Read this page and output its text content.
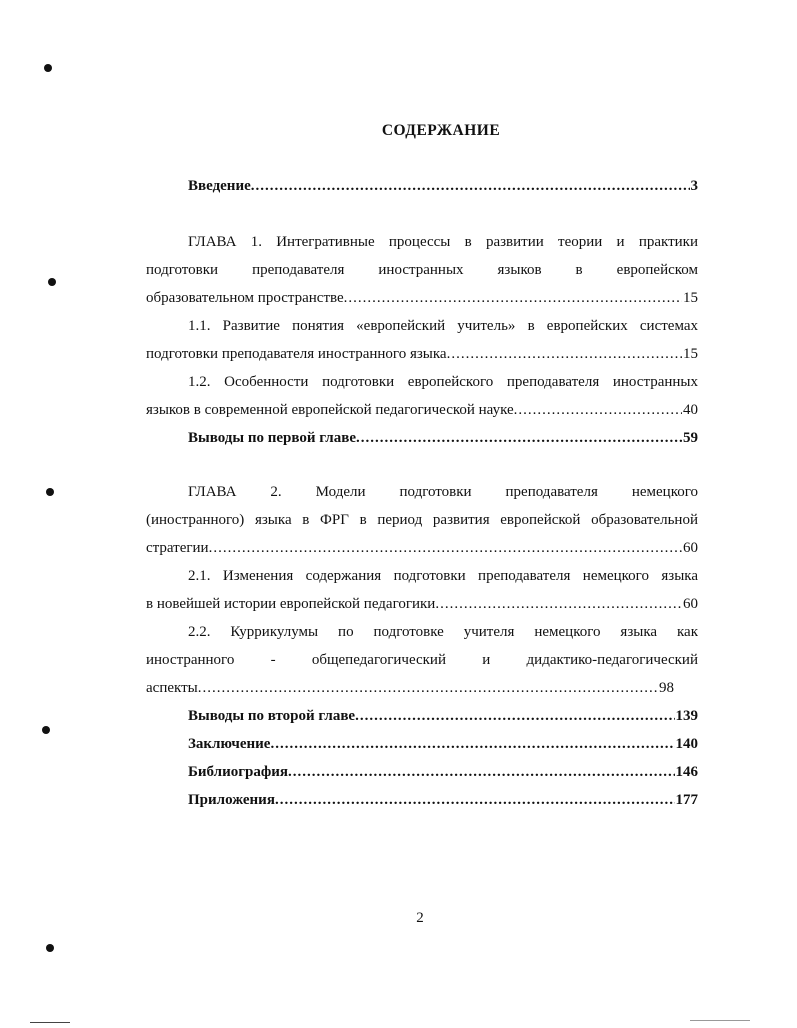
СОДЕРЖАНИЕ
Введение .....	3
ГЛАВА 1. Интегративные процессы в развитии теории и практики
подготовки преподавателя иностранных языков в европейском
образовательном пространстве .....	15
1.1. Развитие понятия «европейский учитель» в европейских системах
подготовки преподавателя иностранного языка .....	15
1.2. Особенности подготовки европейского преподавателя иностранных
языков в современной европейской педагогической науке .....	40
Выводы по первой главе .....	59
ГЛАВА 2. Модели подготовки преподавателя немецкого
(иностранного) языка в ФРГ в период развития европейской образовательной
стратегии .....	60
2.1. Изменения содержания подготовки преподавателя немецкого языка
в новейшей истории европейской педагогики .....	60
2.2. Куррикулумы по подготовке учителя немецкого языка как
иностранного - общепедагогический и дидактико-педагогический
аспекты .....	98
Выводы по второй главе .....	139
Заключение .....	140
Библиография .....	146
Приложения .....	177
2
